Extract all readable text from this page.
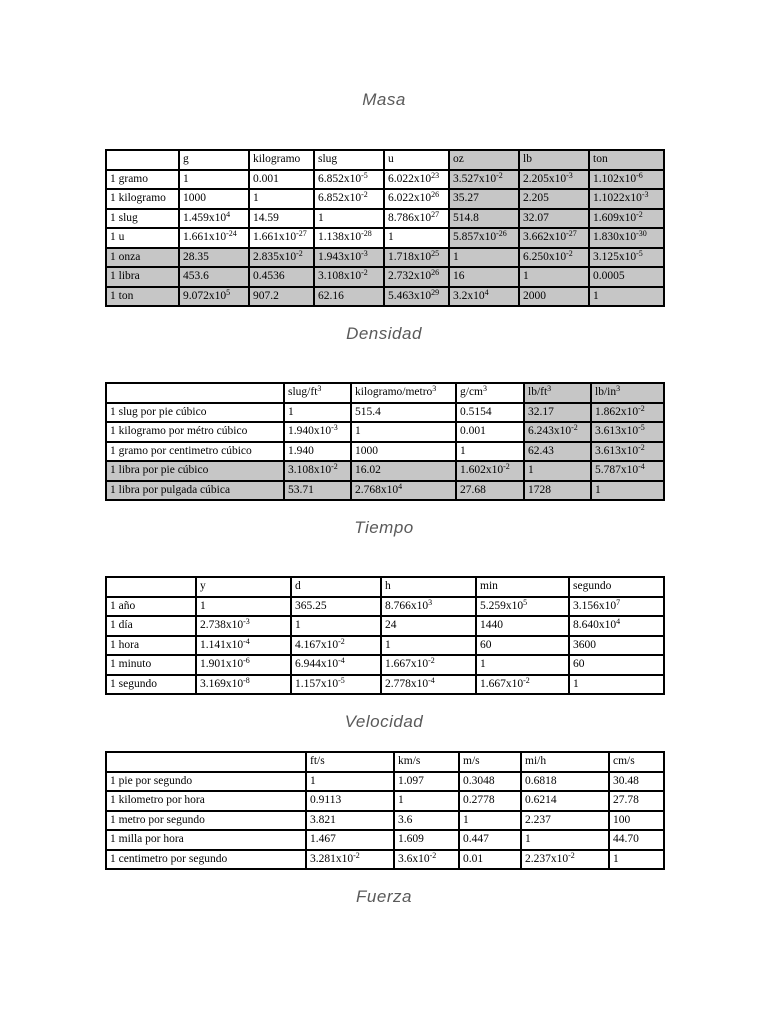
Masa
	g	kilogramo	slug	u	oz	lb	ton
1 gramo	1	0.001	$6.852x10^{-5}$	$6.022x10^{23}$	$3.527x10^{-2}$	$2.205x10^{-3}$	$1.102x10^{-6}$
1 kilogramo	1000	1	$6.852x10^{-2}$	$6.022x10^{26}$	35.27	2.205	$1.1022x10^{-3}$
1 slug	$1.459x10^4$	14.59	1	$8.786x10^{27}$	514.8	32.07	$1.609x10^{-2}$
1 u	$1.661x10^{-24}$	$1.661x10^{-27}$	$1.138x10^{-28}$	1	$5.857x10^{-26}$	$3.662x10^{-27}$	$1.830x10^{-30}$
1 onza	28.35	$2.835x10^{-2}$	$1.943x10^{-3}$	$1.718x10^{25}$	1	$6.250x10^{-2}$	$3.125x10^{-5}$
1 libra	453.6	0.4536	$3.108x10^{-2}$	$2.732x10^{26}$	16	1	0.0005
1 ton	$9.072x10^5$	907.2	62.16	$5.463x10^{29}$	$3.2x10^4$	2000	1
Densidad
	slug/$ft^3$	kilogramo/metro$^3$	$g/cm^3$	$lb/ft^3$	$lb/in^3$
1 slug por pie cúbico	1	515.4	0.5154	32.17	$1.862x10^{-2}$
1 kilogramo por métro cúbico	$1.940x10^{-3}$	1	0.001	$6.243x10^{-2}$	$3.613x10^{-5}$
1 gramo por centimetro cúbico	1.940	1000	1	62.43	$3.613x10^{-2}$
1 libra por pie cúbico	$3.108x10^{-2}$	16.02	$1.602x10^{-2}$	1	$5.787x10^{-4}$
1 libra por pulgada cúbica	53.71	$2.768x10^4$	27.68	1728	1
Tiempo
	y	d	h	min	segundo
1 año	1	365.25	$8.766x10^3$	$5.259x10^5$	$3.156x10^7$
1 día	$2.738x10^{-3}$	1	24	1440	$8.640x10^4$
1 hora	$1.141x10^{-4}$	$4.167x10^{-2}$	1	60	3600
1 minuto	$1.901x10^{-6}$	$6.944x10^{-4}$	$1.667x10^{-2}$	1	60
1 segundo	$3.169x10^{-8}$	$1.157x10^{-5}$	$2.778x10^{-4}$	$1.667x10^{-2}$	1
Velocidad
	ft/s	km/s	m/s	mi/h	cm/s
1 pie por segundo	1	1.097	0.3048	0.6818	30.48
1 kilometro por hora	0.9113	1	0.2778	0.6214	27.78
1 metro por segundo	3.821	3.6	1	2.237	100
1 milla por hora	1.467	1.609	0.447	1	44.70
1 centimetro por segundo	$3.281x10^{-2}$	$3.6x10^{-2}$	0.01	$2.237x10^{-2}$	1
Fuerza
